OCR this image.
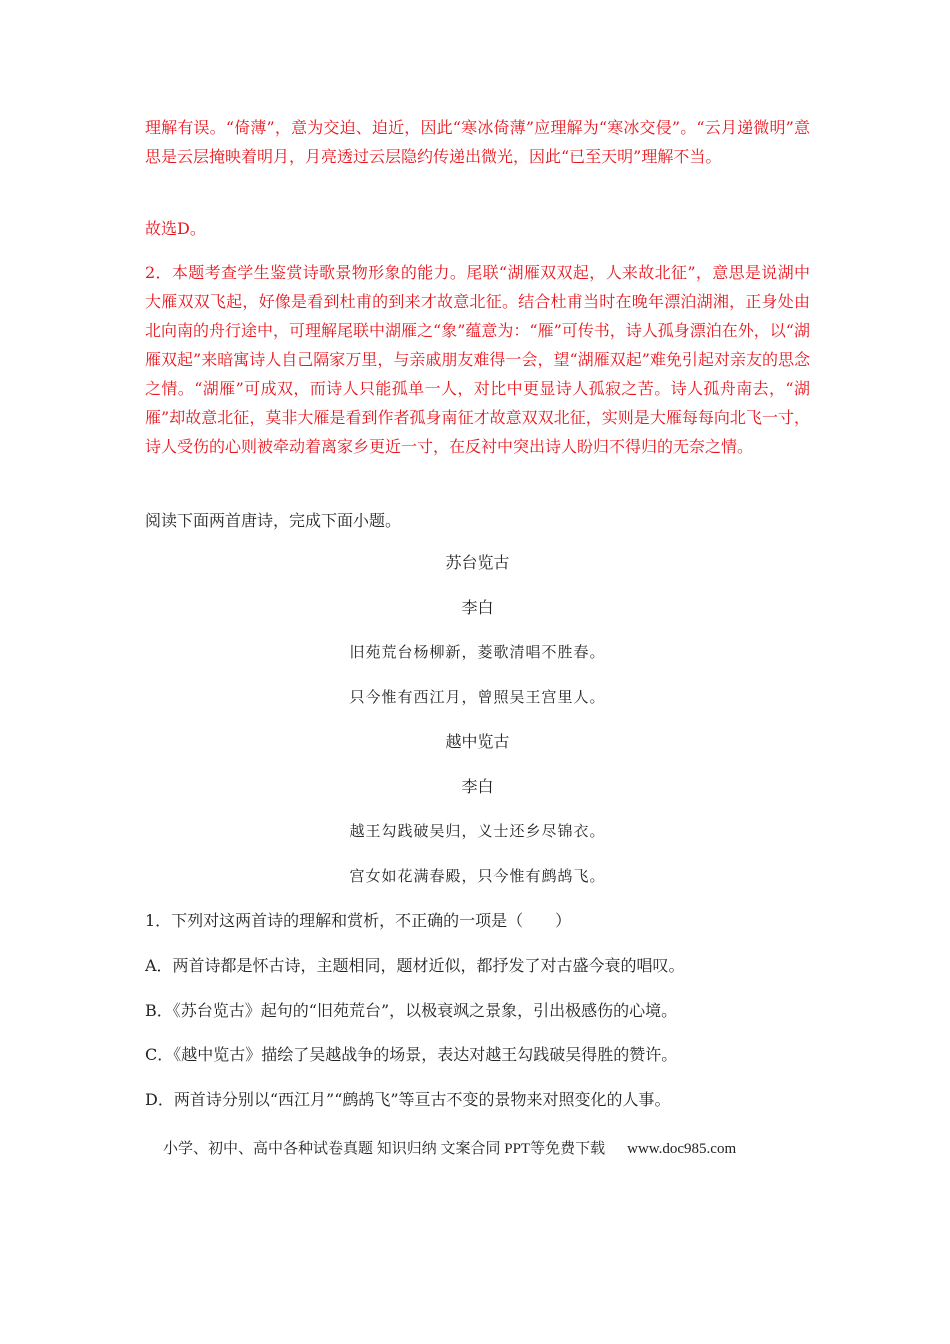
理解有误。“倚薄”，意为交迫、迫近，因此“寒冰倚薄”应理解为“寒冰交侵”。“云月递微明”意思是云层掩映着明月，月亮透过云层隐约传递出微光，因此“已至天明”理解不当。

故选D。

2．本题考查学生鉴赏诗歌景物形象的能力。尾联“湖雁双双起，人来故北征”，意思是说湖中大雁双双飞起，好像是看到杜甫的到来才故意北征。结合杜甫当时在晚年漂泊湖湘，正身处由北向南的舟行途中，可理解尾联中湖雁之“象”蕴意为：“雁”可传书，诗人孤身漂泊在外，以“湖雁双起”来暗寓诗人自己隔家万里，与亲戚朋友难得一会，望“湖雁双起”难免引起对亲友的思念之情。“湖雁”可成双，而诗人只能孤单一人，对比中更显诗人孤寂之苦。诗人孤舟南去，“湖雁”却故意北征，莫非大雁是看到作者孤身南征才故意双双北征，实则是大雁每每向北飞一寸，诗人受伤的心则被牵动着离家乡更近一寸，在反衬中突出诗人盼归不得归的无奈之情。

阅读下面两首唐诗，完成下面小题。

苏台览古

李白

旧苑荒台杨柳新，菱歌清唱不胜春。

只今惟有西江月，曾照吴王宫里人。

越中览古

李白

越王勾践破吴归，义士还乡尽锦衣。

宫女如花满春殿，只今惟有鹧鸪飞。

1．下列对这两首诗的理解和赏析，不正确的一项是（　　）

A．两首诗都是怀古诗，主题相同，题材近似，都抒发了对古盛今衰的唱叹。

B．《苏台览古》起句的“旧苑荒台”，以极衰飒之景象，引出极感伤的心境。

C．《越中览古》描绘了吴越战争的场景，表达对越王勾践破吴得胜的赞许。

D．两首诗分别以“西江月”“鹧鸪飞”等亘古不变的景物来对照变化的人事。

小学、初中、高中各种试卷真题 知识归纳 文案合同 PPT等免费下载 www.doc985.com
